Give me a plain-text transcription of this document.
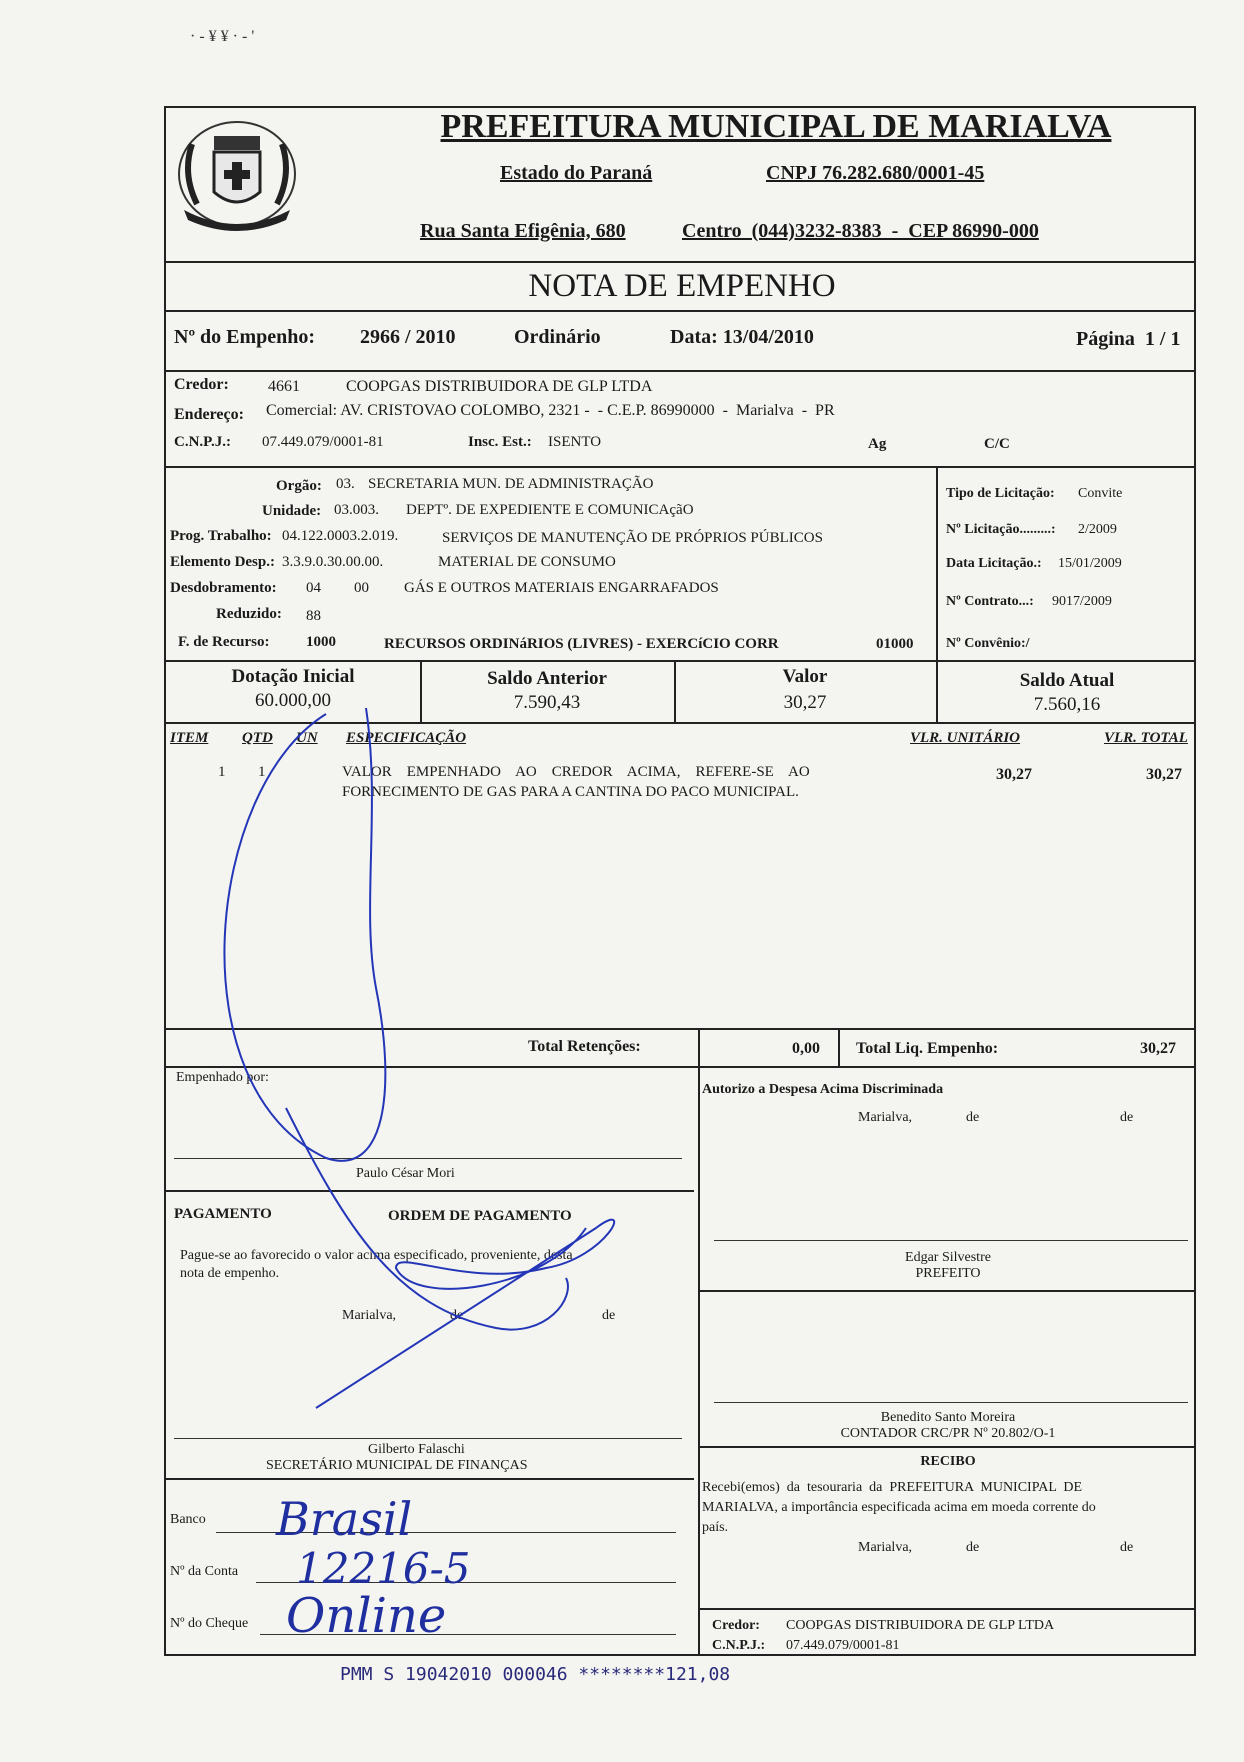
· - ¥ ¥ · - '
PREFEITURA MUNICIPAL DE MARIALVA
Estado do Paraná	CNPJ 76.282.680/0001-45
Rua Santa Efigênia, 680	Centro  (044)3232-8383  -  CEP 86990-000
NOTA DE EMPENHO
Nº do Empenho: 2966 / 2010	Ordinário	Data: 13/04/2010	Página  1 / 1
Credor: 4661	COOPGAS DISTRIBUIDORA DE GLP LTDA
Endereço: Comercial: AV. CRISTOVAO COLOMBO, 2321 -  - C.E.P. 86990000  -  Marialva  -  PR
C.N.P.J.: 07.449.079/0001-81	Insc. Est.: ISENTO	Ag	C/C
Orgão: 03. SECRETARIA MUN. DE ADMINISTRAÇÃO
Unidade: 03.003. DEPTº. DE EXPEDIENTE E COMUNICAçãO
Prog. Trabalho: 04.122.0003.2.019.	SERVIÇOS DE MANUTENÇÃO DE PRÓPRIOS PÚBLICOS
Elemento Desp.: 3.3.9.0.30.00.00.	MATERIAL DE CONSUMO
Desdobramento: 04 00 GÁS E OUTROS MATERIAIS ENGARRAFADOS
Reduzido: 88
F. de Recurso: 1000	RECURSOS ORDINáRIOS (LIVRES) - EXERCíCIO CORR	01000
Tipo de Licitação: Convite
Nº Licitação.........: 2/2009
Data Licitação.: 15/01/2009
Nº Contrato...: 9017/2009
Nº Convênio:/
Dotação Inicial
60.000,00
Saldo Anterior
7.590,43
Valor
30,27
Saldo Atual
7.560,16
ITEM QTD UN ESPECIFICAÇÃO	VLR. UNITÁRIO	VLR. TOTAL
1 1	VALOR    EMPENHADO    AO    CREDOR    ACIMA,    REFERE-SE    AO
FORNECIMENTO DE GAS PARA A CANTINA DO PACO MUNICIPAL.
30,27	30,27
Total Retenções:	0,00 Total Liq. Empenho:	30,27
Empenhado por:
Paulo César Mori
Autorizo a Despesa Acima Discriminada
Marialva,	de	de
Edgar Silvestre
PREFEITO
PAGAMENTO	ORDEM DE PAGAMENTO
Pague-se ao favorecido o valor acima especificado, proveniente, desta
nota de empenho.
Marialva,	de	de
Gilberto Falaschi
SECRETÁRIO MUNICIPAL DE FINANÇAS
Benedito Santo Moreira
CONTADOR CRC/PR Nº 20.802/O-1
RECIBO
Recebi(emos)  da  tesouraria  da  PREFEITURA  MUNICIPAL  DE
MARIALVA, a importância especificada acima em moeda corrente do
país.
Marialva,	de	de
Banco Brasil
Nº da Conta 12216-5
Nº do Cheque Online	Credor: COOPGAS DISTRIBUIDORA DE GLP LTDA
C.N.P.J.: 07.449.079/0001-81
PMM S 19042010 000046 ********121,08
